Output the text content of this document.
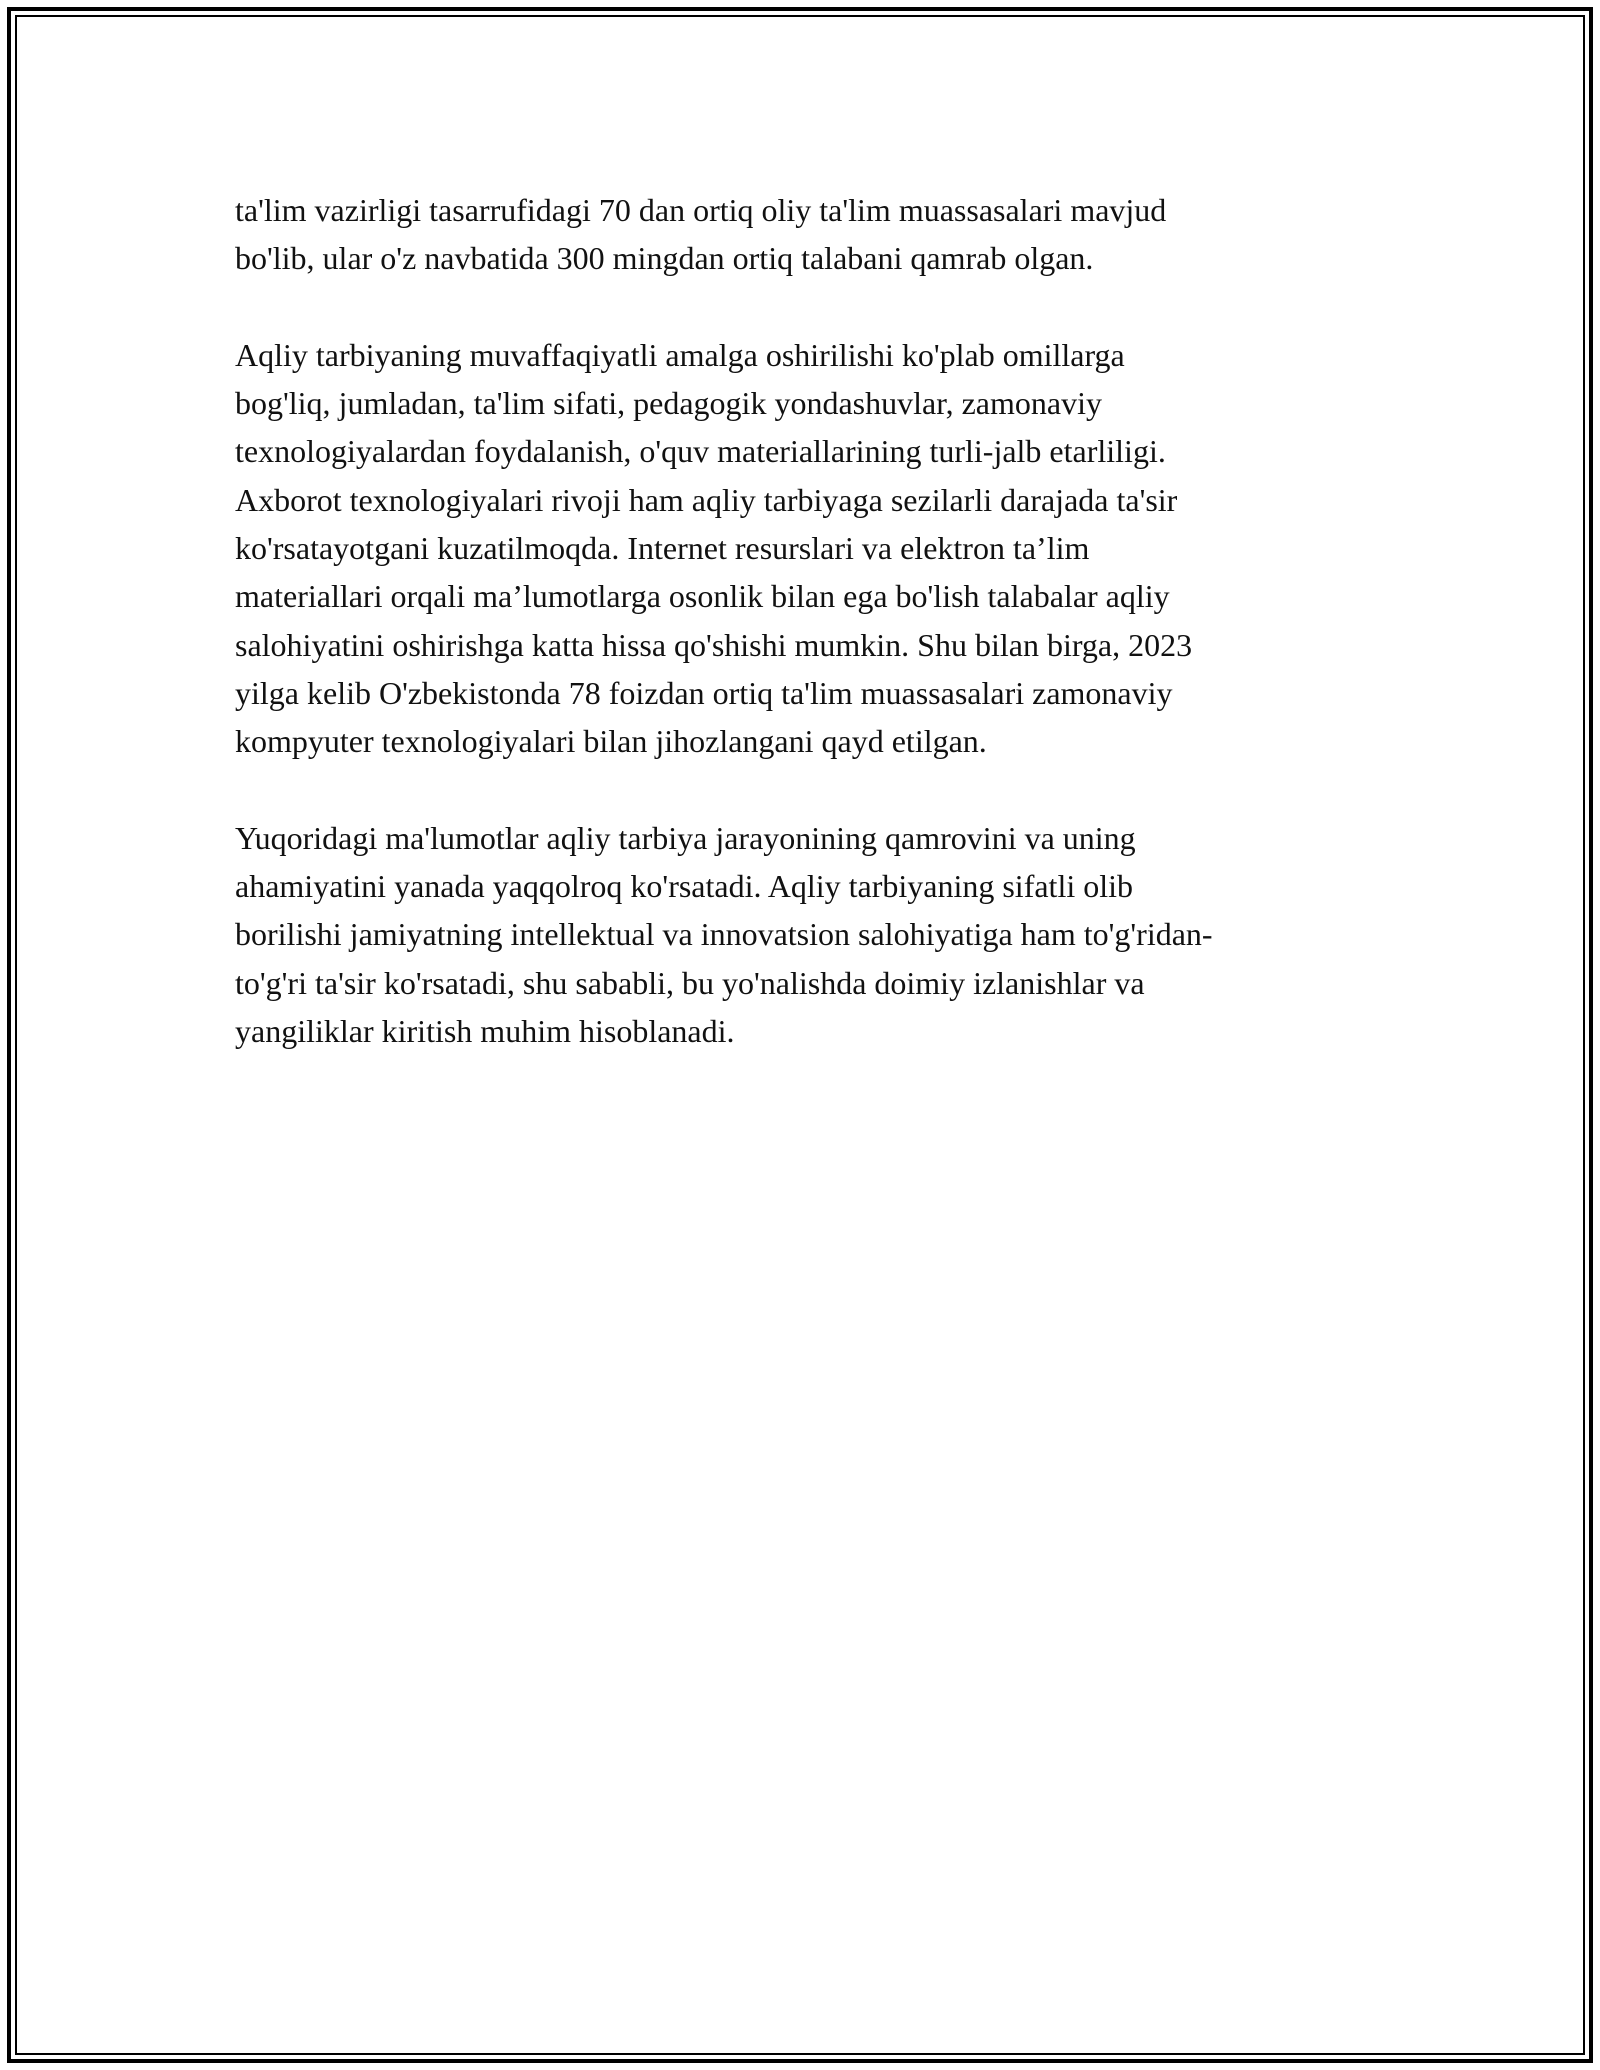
ta'lim vazirligi tasarrufidagi 70 dan ortiq oliy ta'lim muassasalari mavjud
bo'lib, ular o'z navbatida 300 mingdan ortiq talabani qamrab olgan.

Aqliy tarbiyaning muvaffaqiyatli amalga oshirilishi ko'plab omillarga
bog'liq, jumladan, ta'lim sifati, pedagogik yondashuvlar, zamonaviy
texnologiyalardan foydalanish, o'quv materiallarining turli-jalb etarliligi.
Axborot texnologiyalari rivoji ham aqliy tarbiyaga sezilarli darajada ta'sir
ko'rsatayotgani kuzatilmoqda. Internet resurslari va elektron ta’lim
materiallari orqali ma’lumotlarga osonlik bilan ega bo'lish talabalar aqliy
salohiyatini oshirishga katta hissa qo'shishi mumkin. Shu bilan birga, 2023
yilga kelib O'zbekistonda 78 foizdan ortiq ta'lim muassasalari zamonaviy
kompyuter texnologiyalari bilan jihozlangani qayd etilgan.

Yuqoridagi ma'lumotlar aqliy tarbiya jarayonining qamrovini va uning
ahamiyatini yanada yaqqolroq ko'rsatadi. Aqliy tarbiyaning sifatli olib
borilishi jamiyatning intellektual va innovatsion salohiyatiga ham to'g'ridan-
to'g'ri ta'sir ko'rsatadi, shu sababli, bu yo'nalishda doimiy izlanishlar va
yangiliklar kiritish muhim hisoblanadi.
